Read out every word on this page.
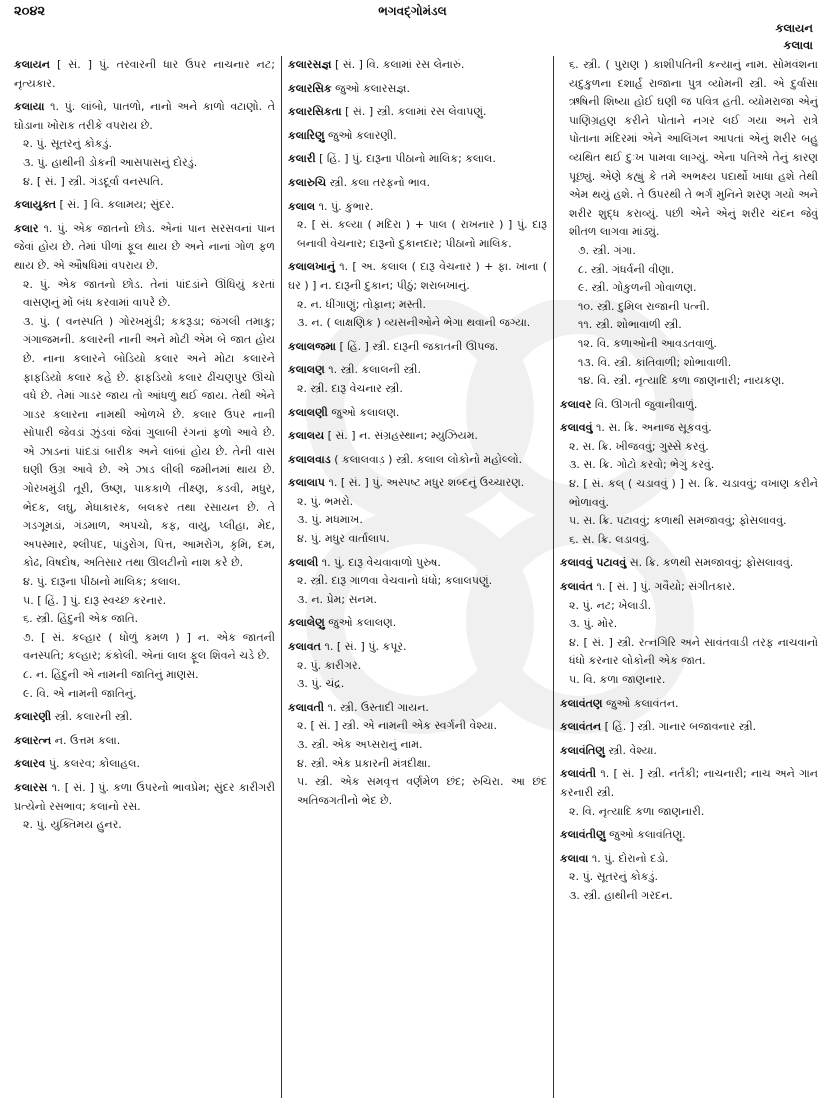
૨૦૪૨	ભગવદ્ગોમંડલ
કલાયન
કલાવા
કલાયન [ સં. ] પું. તરવારની ધાર ઉપર નાચનાર નટ; નૃત્યકાર.
કલાયા ૧. પું. લાંબો, પાતળો, નાનો અને કાળો વટાણો. તે ઘોડાના ખોરાક તરીકે વપરાય છે.
૨. પું. સૂતરનું કોકડું.
૩. પું. હાથીની ડોકની આસપાસનું દોરડું.
૪. [ સં. ] સ્ત્રી. ગંડદૂર્વા વનસ્પતિ.
કલાયુક્ત [ સં. ] વિ. કલામય; સુંદર.
કલાર ૧. પું. એક જાતનો છોડ. એનાં પાન સરસવનાં પાન જેવાં હોય છે. તેમાં પીળાં ફૂલ થાય છે અને નાનાં ગોળ ફળ થાય છે. એ ઔષધિમાં વપરાય છે.
૨. પું. એક જાતનો છોડ. તેનાં પાંદડાંને ઊંધિયું કરતાં વાસણનું મોં બંધ કરવામાં વાપરે છે.
૩. પું. ( વનસ્પતિ ) ગોરખમુંડી; કકરૂડા; જંગલી તમાકુ; ગંગાજમની. કલારની નાની અને મોટી એમ બે જાત હોય છે. નાના કલારને બોડિયો કલાર અને મોટા કલારને ફાફડિયો કલાર કહે છે. ફાફડિયો કલાર ઢીંચણપુર ઊંચો વધે છે. તેમાં ગાડર જાય તો આંધળું થઈ જાય. તેથી એને ગાડર કલારના નામથી ઓળખે છે. કલાર ઉપર નાની સોપારી જેવડાં ઝુંડવાં જેવાં ગુલાબી રંગનાં ફળો આવે છે. એ ઝાડનાં પાંદડાં બારીક અને લાંબાં હોય છે. તેની વાસ ઘણી ઉગ્ર આવે છે. એ ઝાડ લીલી જમીનમાં થાય છે. ગોરખમુંડી તૂરી, ઉષ્ણ, પાકકાળે તીક્ષ્ણ, કડવી, મધુર, ભેદક, લઘુ, મેધાકારક, બલકર તથા રસાયન છે. તે ગડગૂમડાં, ગંડમાળ, અપચો, કફ, વાયુ, પ્લીહા, મેદ, અપસ્માર, શ્લીપદ, પાંડુરોગ, પિત્ત, આમરોગ, કૃમિ, દમ, કોઢ, વિષદોષ, અતિસાર તથા ઊલટીનો નાશ કરે છે.
૪. પું. દારૂના પીઠાનો માલિક; કલાલ.
૫. [ હિં. ] પું. દારૂ સ્વચ્છ કરનાર.
૬. સ્ત્રી. હિંદુની એક જાતિ.
૭. [ સં. કલ્હાર ( ધોળું કમળ ) ] ન. એક જાતની વનસ્પતિ; કલ્હાર; કંકોલી. એનાં લાલ ફૂલ શિવને ચડે છે.
૮. ન. હિંદુની એ નામની જાતિનું માણસ.
૯. વિ. એ નામની જાતિનું.
કલારણી સ્ત્રી. કલારની સ્ત્રી.
કલારત્ન ન. ઉત્તમ કલા.
કલારવ પું. કલરવ; કોલાહલ.
કલારસ ૧. [ સં. ] પું. કળા ઉપરનો ભાવપ્રેમ; સુંદર કારીગરી પ્રત્યેનો રસભાવ; કલાનો રસ.
૨. પું. યુક્તિમય હુનર.
કલારસજ્ઞ [ સં. ] વિ. કલામાં રસ લેનારું.
કલારસિક જુઓ કલારસજ્ઞ.
કલારસિકતા [ સં. ] સ્ત્રી. કલામાં રસ લેવાપણું.
કલારિણુ જુઓ કલારણી.
કલારી [ હિં. ] પું. દારૂના પીઠાનો માલિક; કલાલ.
કલારુચિ સ્ત્રી. કલા તરફનો ભાવ.
કલાલ ૧. પું. કુંભાર.
૨. [ સં. કલ્યા ( મદિરા ) + પાલ ( રાખનાર ) ] પું. દારૂ બનાવી વેચનાર; દારૂનો દુકાનદાર; પીઠાનો માલિક.
કલાલખાનું ૧. [ અ. કલાલ ( દારૂ વેચનાર ) + ફા. ખાના ( ઘર ) ] ન. દારૂની દુકાન; પીઠું; શરાબખાનું.
૨. ન. ધીંગાણું; તોફાન; મસ્તી.
૩. ન. ( લાક્ષણિક ) વ્યસનીઓને ભેગા થવાની જગ્યા.
કલાલજમા [ હિં. ] સ્ત્રી. દારૂની જકાતની ઊપજ.
કલાલણ ૧. સ્ત્રી. કલાલની સ્ત્રી.
૨. સ્ત્રી. દારૂ વેચનાર સ્ત્રી.
કલાલણી જુઓ કલાલણ.
કલાલય [ સં. ] ન. સંગ્રહસ્થાન; મ્યુઝિયમ.
કલાલવાડ ( કલાલવાડ઼ ) સ્ત્રી. કલાલ લોકોનો મહોલ્લો.
કલાલાપ ૧. [ સં. ] પું. અસ્પષ્ટ મધુર શબ્દનું ઉચ્ચારણ.
૨. પું. ભમરો.
૩. પું. મધમાખ.
૪. પું. મધુર વાર્તાલાપ.
કલાલી ૧. પું. દારૂ વેચવાવાળો પુરુષ.
૨. સ્ત્રી. દારૂ ગાળવા વેચવાનો ધંધો; કલાલપણું.
૩. ન. પ્રેમ; સનમ.
કલાલેણુ જુઓ કલાલણ.
કલાવત ૧. [ સં. ] પું. કપૂર.
૨. પું. કારીગર.
૩. પું. ચંદ્ર.
કલાવતી ૧. સ્ત્રી. ઉસ્તાદી ગાયન.
૨. [ સં. ] સ્ત્રી. એ નામની એક સ્વર્ગની વેશ્યા.
૩. સ્ત્રી. એક અપ્સરાનું નામ.
૪. સ્ત્રી. એક પ્રકારની મંત્રદીક્ષા.
૫. સ્ત્રી. એક સમવૃત્ત વર્ણમેળ છંદ; રુચિરા. આ છંદ અતિજગતીનો ભેદ છે.
૬. સ્ત્રી. ( પુરાણ ) કાશીપતિની કન્યાનું નામ. સોમવંશના યદુકુળના દશાર્હ રાજાના પુત્ર વ્યોમની સ્ત્રી. એ દુર્વાસા ઋષિની શિષ્યા હોઈ ઘણી જ પવિત્ર હતી. વ્યોમરાજા એનું પાણિગ્રહણ કરીને પોતાને નગર લઈ ગયા અને રાત્રે પોતાના મંદિરમાં એને આલિંગન આપતાં એનું શરીર બહુ વ્યથિત થઈ દુઃખ પામવા લાગ્યું. એના પતિએ તેનું કારણ પૂછ્યું. એણે કહ્યું કે તમે અભક્ષ્ય પદાર્થો ખાધા હશે તેથી એમ થયું હશે. તે ઉપરથી તે ભર્ગ મુનિને શરણ ગયો અને શરીર શુદ્ધ કરાવ્યું. પછી એને એનું શરીર ચંદન જેવું શીતળ લાગવા માંડ્યું.
૭. સ્ત્રી. ગંગા.
૮. સ્ત્રી. ગંધર્વની વીણા.
૯. સ્ત્રી. ગોકુળની ગોવાળણ.
૧૦. સ્ત્રી. દુમિલ રાજાની પત્ની.
૧૧. સ્ત્રી. શોભાવાળી સ્ત્રી.
૧૨. વિ. કળાઓની આવડતવાળું.
૧૩. વિ. સ્ત્રી. કાંતિવાળી; શોભાવાળી.
૧૪. વિ. સ્ત્રી. નૃત્યાદિ કળા જાણનારી; નાયકણ.
કલાવર વિ. ઊગતી જુવાનીવાળું.
કલાવવું ૧. સ. ક્રિ. અનાજ સૂકવવું.
૨. સ. ક્રિ. ખીજવવું; ગુસ્સે કરવું.
૩. સ. ક્રિ. ગોટો કરવો; ભેગું કરવું.
૪. [ સં. કલ્ ( ચડાવવું ) ] સ. ક્રિ. ચડાવવું; વખાણ કરીને ભોળાવવું.
૫. સ. ક્રિ. પટાવવું; કળાથી સમજાવવું; ફોસલાવવું.
૬. સ. ક્રિ. લડાવવું.
કલાવવું પટાવવું સ. ક્રિ. કળથી સમજાવવું; ફોસલાવવું.
કલાવંત ૧. [ સં. ] પું. ગવૈયો; સંગીતકાર.
૨. પું. નટ; ખેલાડી.
૩. પું. મોર.
૪. [ સં. ] સ્ત્રી. રત્નગિરિ અને સાવંતવાડી તરફ નાચવાનો ધંધો કરનાર લોકોની એક જાત.
૫. વિ. કળા જાણનાર.
કલાવંતણ જુઓ કલાવંતન.
કલાવંતન [ હિં. ] સ્ત્રી. ગાનાર બજાવનાર સ્ત્રી.
કલાવંતિણુ સ્ત્રી. વેશ્યા.
કલાવંતી ૧. [ સં. ] સ્ત્રી. નર્તકી; નાચનારી; નાચ અને ગાન કરનારી સ્ત્રી.
૨. વિ. નૃત્યાદિ કળા જાણનારી.
કલાવંતીણુ જુઓ કલાવંતિણુ.
કલાવા ૧. પું. દોરાનો દડો.
૨. પું. સૂતરનું કોકડું.
૩. સ્ત્રી. હાથીની ગરદન.
